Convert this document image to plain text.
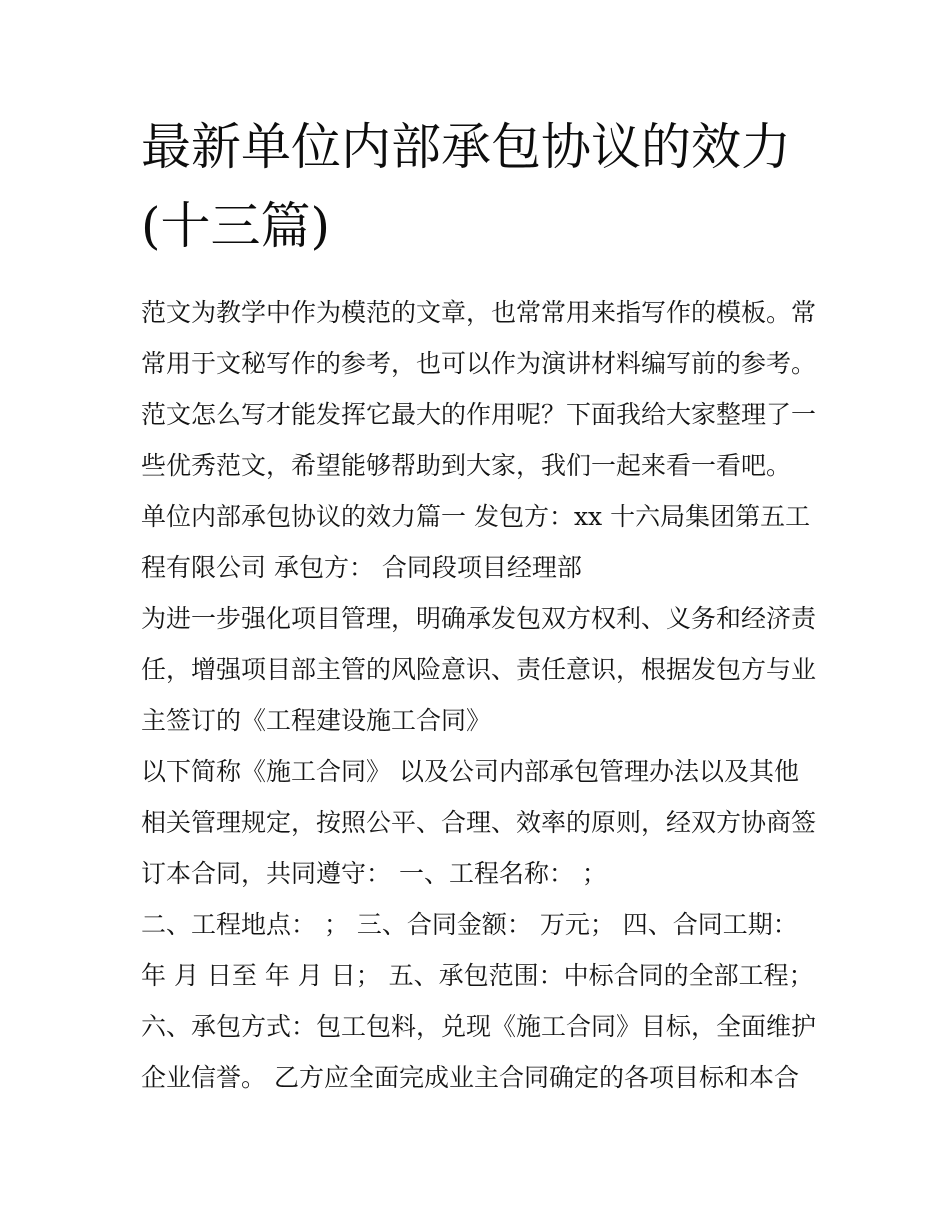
最新单位内部承包协议的效力
(十三篇)
范文为教学中作为模范的文章，也常常用来指写作的模板。常
常用于文秘写作的参考，也可以作为演讲材料编写前的参考。
范文怎么写才能发挥它最大的作用呢？下面我给大家整理了一
些优秀范文，希望能够帮助到大家，我们一起来看一看吧。
单位内部承包协议的效力篇一 发包方：xx 十六局集团第五工
程有限公司 承包方： 合同段项目经理部
为进一步强化项目管理，明确承发包双方权利、义务和经济责
任，增强项目部主管的风险意识、责任意识，根据发包方与业
主签订的《工程建设施工合同》
以下简称《施工合同》 以及公司内部承包管理办法以及其他
相关管理规定，按照公平、合理、效率的原则，经双方协商签
订本合同，共同遵守： 一、工程名称： ；
二、工程地点： ； 三、合同金额： 万元； 四、合同工期：
年 月 日至 年 月 日； 五、承包范围：中标合同的全部工程；
六、承包方式：包工包料，兑现《施工合同》目标，全面维护
企业信誉。 乙方应全面完成业主合同确定的各项目标和本合
